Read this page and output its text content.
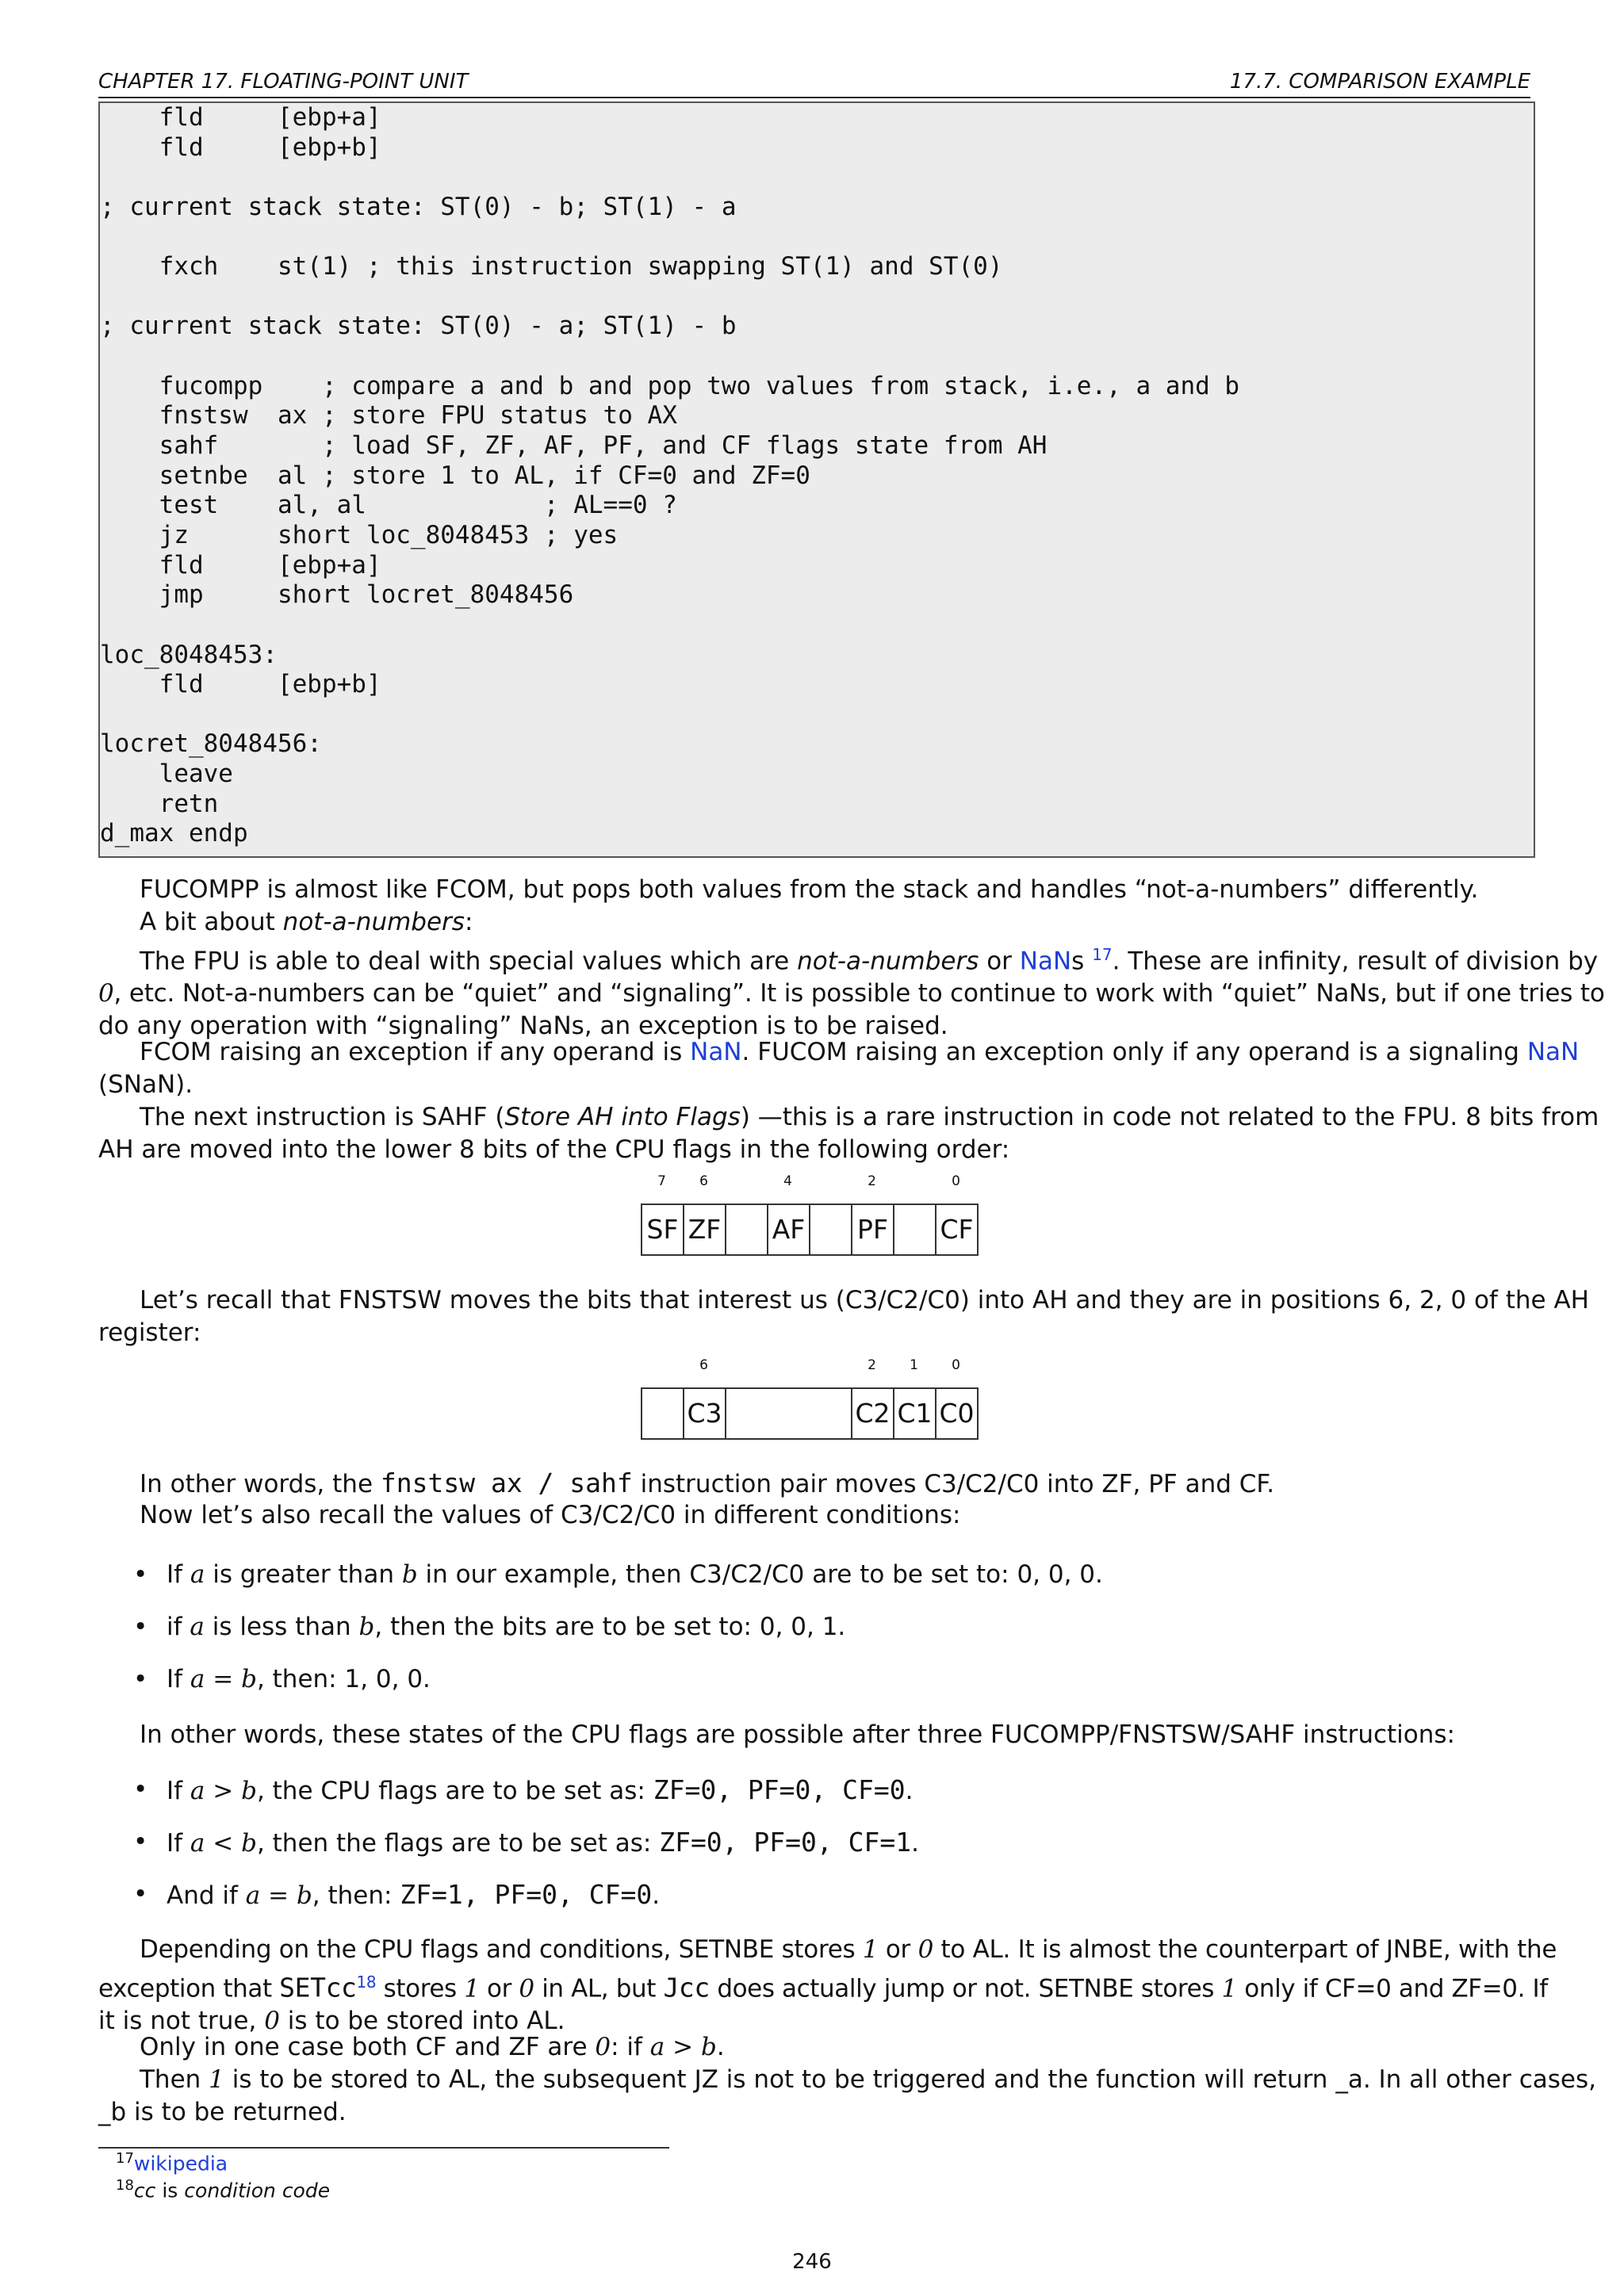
CHAPTER 17. FLOATING-POINT UNIT	17.7. COMPARISON EXAMPLE
fld     [ebp+a]
fld     [ebp+b]
; current stack state: ST(0) - b; ST(1) - a
fxch    st(1) ; this instruction swapping ST(1) and ST(0)
; current stack state: ST(0) - a; ST(1) - b
fucompp    ; compare a and b and pop two values from stack, i.e., a and b
fnstsw  ax ; store FPU status to AX
sahf       ; load SF, ZF, AF, PF, and CF flags state from AH
setnbe  al ; store 1 to AL, if CF=0 and ZF=0
test    al, al            ; AL==0 ?
jz      short loc_8048453 ; yes
fld     [ebp+a]
jmp     short locret_8048456
loc_8048453:
fld     [ebp+b]
locret_8048456:
leave
retn
d_max endp
FUCOMPP is almost like FCOM, but pops both values from the stack and handles “not-a-numbers” differently.
A bit about not-a-numbers:
The FPU is able to deal with special values which are not-a-numbers or NaNs $^{17}$. These are infinity, result of division by
0, etc. Not-a-numbers can be “quiet” and “signaling”. It is possible to continue to work with “quiet” NaNs, but if one tries to
do any operation with “signaling” NaNs, an exception is to be raised.
FCOM raising an exception if any operand is NaN. FUCOM raising an exception only if any operand is a signaling NaN
(SNaN).
The next instruction is SAHF (Store AH into Flags) —this is a rare instruction in code not related to the FPU. 8 bits from
AH are moved into the lower 8 bits of the CPU flags in the following order:
SF ZF AF PF CF
7	6	4	2	0
Let’s recall that FNSTSW moves the bits that interest us (C3/C2/C0) into AH and they are in positions 6, 2, 0 of the AH
register:
C3	C2 C1 C0
6	2	1	0
In other words, the fnstsw ax / sahf instruction pair moves C3/C2/C0 into ZF, PF and CF.
Now let’s also recall the values of C3/C2/C0 in different conditions:
• If a is greater than b in our example, then C3/C2/C0 are to be set to: 0, 0, 0.
• if a is less than b, then the bits are to be set to: 0, 0, 1.
• If a = b, then: 1, 0, 0.
In other words, these states of the CPU flags are possible after three FUCOMPP/FNSTSW/SAHF instructions:
• If a > b, the CPU flags are to be set as: ZF=0, PF=0, CF=0.
• If a < b, then the flags are to be set as: ZF=0, PF=0, CF=1.
• And if a = b, then: ZF=1, PF=0, CF=0.
Depending on the CPU flags and conditions, SETNBE stores 1 or 0 to AL. It is almost the counterpart of JNBE, with the
exception that SETcc$^{18}$ stores 1 or 0 in AL, but Jcc does actually jump or not. SETNBE stores 1 only if CF=0 and ZF=0. If
it is not true, 0 is to be stored into AL.
Only in one case both CF and ZF are 0: if a > b.
Then 1 is to be stored to AL, the subsequent JZ is not to be triggered and the function will return _a. In all other cases,
_b is to be returned.
$^{17}$wikipedia
$^{18}$cc is condition code
246
